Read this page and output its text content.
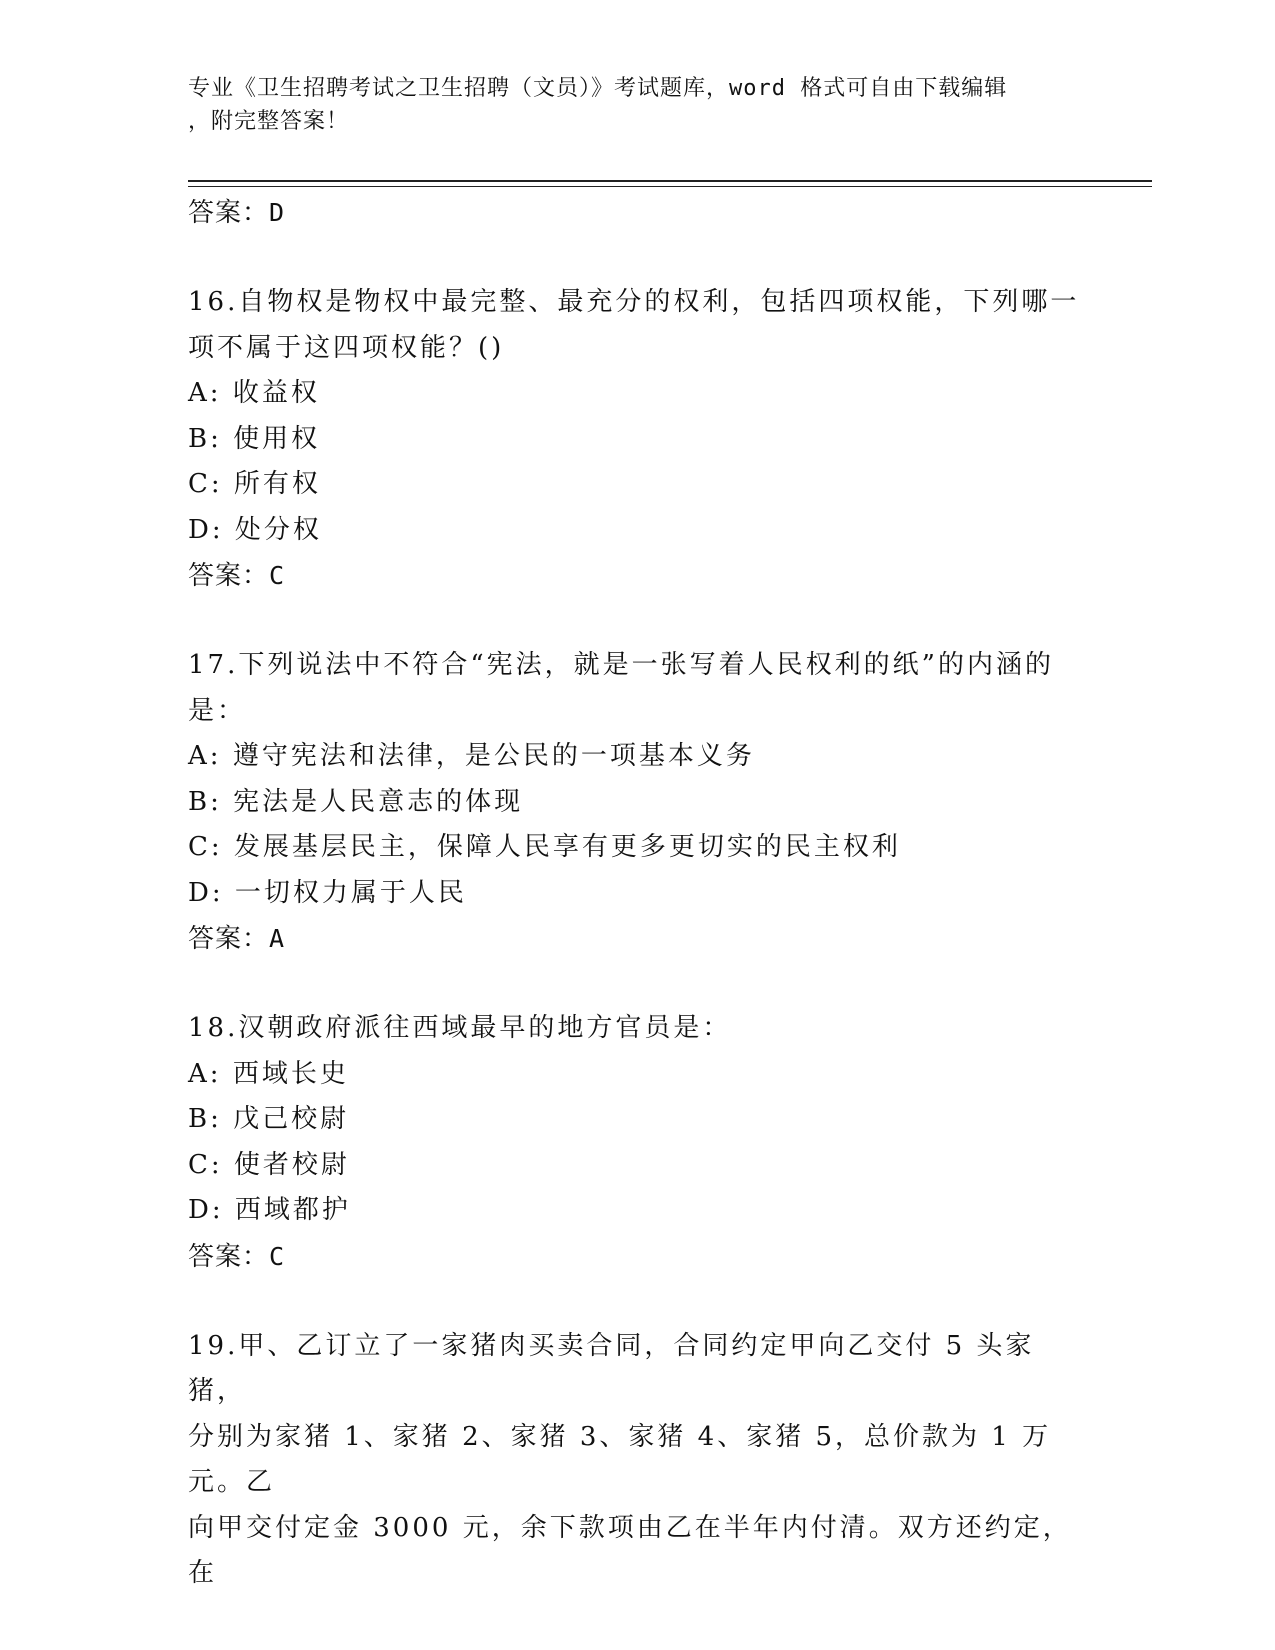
专业《卫生招聘考试之卫生招聘（文员）》考试题库，word 格式可自由下载编辑
，附完整答案！
答案：D
16.自物权是物权中最完整、最充分的权利，包括四项权能，下列哪一
项不属于这四项权能？()
A: 收益权
B: 使用权
C: 所有权
D: 处分权
答案：C
17.下列说法中不符合“宪法，就是一张写着人民权利的纸”的内涵的
是：
A: 遵守宪法和法律，是公民的一项基本义务
B: 宪法是人民意志的体现
C: 发展基层民主，保障人民享有更多更切实的民主权利
D: 一切权力属于人民
答案：A
18.汉朝政府派往西域最早的地方官员是：
A: 西域长史
B: 戊己校尉
C: 使者校尉
D: 西域都护
答案：C
19.甲、乙订立了一家猪肉买卖合同，合同约定甲向乙交付 5 头家猪，
分别为家猪 1、家猪 2、家猪 3、家猪 4、家猪 5，总价款为 1 万元。乙
向甲交付定金 3000 元，余下款项由乙在半年内付清。双方还约定，在
